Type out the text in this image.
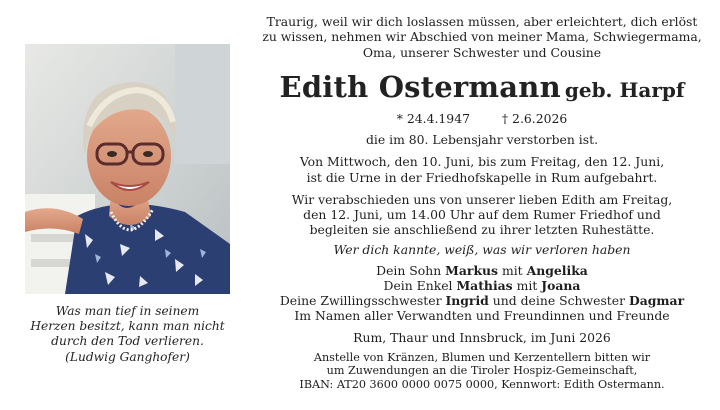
Was man tief in seinem
Herzen besitzt, kann man nicht
durch den Tod verlieren.
(Ludwig Ganghofer)
Traurig, weil wir dich loslassen müssen, aber erleichtert, dich erlöst
zu wissen, nehmen wir Abschied von meiner Mama, Schwiegermama,
Oma, unserer Schwester und Cousine
Edith Ostermann geb. Harpf
* 24.4.1947	† 2.6.2026
die im 80. Lebensjahr verstorben ist.
Von Mittwoch, den 10. Juni, bis zum Freitag, den 12. Juni,
ist die Urne in der Friedhofskapelle in Rum aufgebahrt.
Wir verabschieden uns von unserer lieben Edith am Freitag,
den 12. Juni, um 14.00 Uhr auf dem Rumer Friedhof und
begleiten sie anschließend zu ihrer letzten Ruhestätte.
Wer dich kannte, weiß, was wir verloren haben
Dein Sohn Markus mit Angelika
Dein Enkel Mathias mit Joana
Deine Zwillingsschwester Ingrid und deine Schwester Dagmar
Im Namen aller Verwandten und Freundinnen und Freunde
Rum, Thaur und Innsbruck, im Juni 2026
Anstelle von Kränzen, Blumen und Kerzentellern bitten wir
um Zuwendungen an die Tiroler Hospiz-Gemeinschaft,
IBAN: AT20 3600 0000 0075 0000, Kennwort: Edith Ostermann.
